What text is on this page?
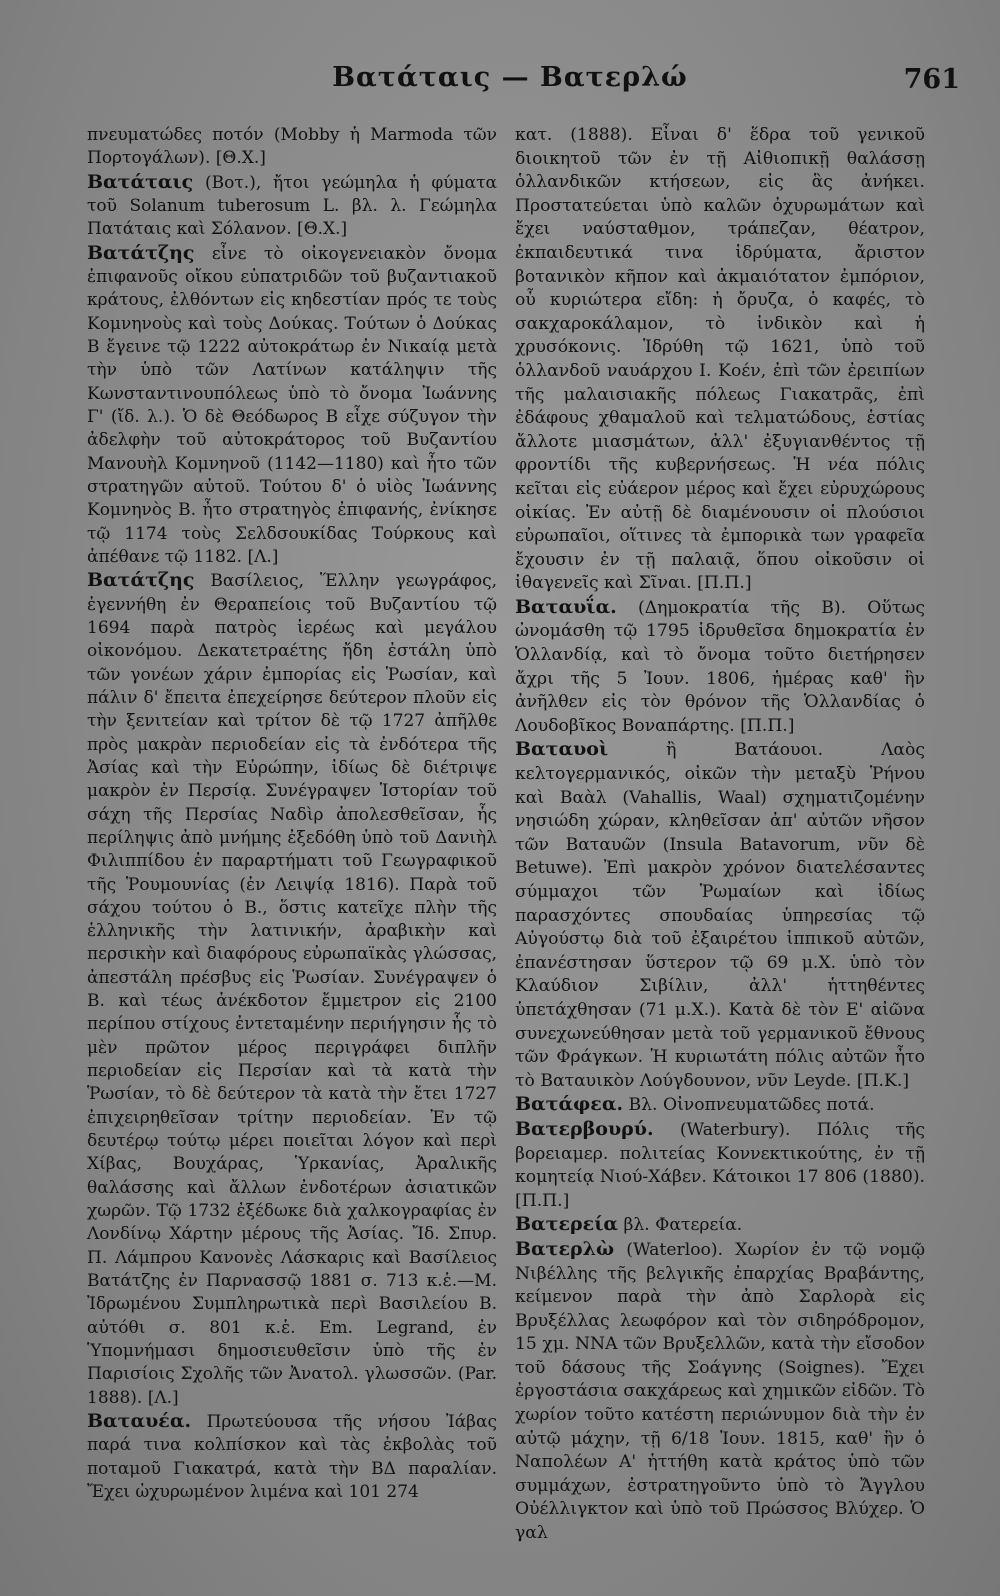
Βατάταις — Βατερλώ	761

πνευματώδες ποτόν (Mobby ἡ Marmoda τῶν Πορτογάλων). [Θ.Χ.]

Βατάταις (Βοτ.), ἤτοι γεώμηλα ἡ φύματα τοῦ Solanum tuberosum L. βλ. λ. Γεώμηλα Πατάταις καὶ Σόλανον. [Θ.Χ.]

Βατάτζης εἶνε τὸ οἰκογενειακὸν ὄνομα ἐπιφανοῦς οἴκου εὐπατριδῶν τοῦ βυζαντιακοῦ κράτους, ἐλθόντων εἰς κηδεστίαν πρός τε τοὺς Κομνηνοὺς καὶ τοὺς Δούκας. Τούτων ὁ Δούκας Β ἔγεινε τῷ 1222 αὐτοκράτωρ ἐν Νικαίᾳ μετὰ τὴν ὑπὸ τῶν Λατίνων κατάληψιν τῆς Κωνσταντινουπόλεως ὑπὸ τὸ ὄνομα Ἰωάννης Γ' (ἴδ. λ.). Ὁ δὲ Θεόδωρος Β εἶχε σύζυγον τὴν ἀδελφὴν τοῦ αὐτοκράτορος τοῦ Βυζαντίου Μανουὴλ Κομνηνοῦ (1142—1180) καὶ ἦτο τῶν στρατηγῶν αὐτοῦ. Τούτου δ' ὁ υἱὸς Ἰωάννης Κομνηνὸς Β. ἦτο στρατηγὸς ἐπιφανής, ἐνίκησε τῷ 1174 τοὺς Σελδσουκίδας Τούρκους καὶ ἀπέθανε τῷ 1182. [Λ.]

Βατάτζης Βασίλειος, Ἕλλην γεωγράφος, ἐγεννήθη ἐν Θεραπείοις τοῦ Βυζαντίου τῷ 1694 παρὰ πατρὸς ἱερέως καὶ μεγάλου οἰκονόμου. Δεκατετραέτης ἤδη ἐστάλη ὑπὸ τῶν γονέων χάριν ἐμπορίας εἰς Ῥωσίαν, καὶ πάλιν δ' ἔπειτα ἐπεχείρησε δεύτερον πλοῦν εἰς τὴν ξενιτείαν καὶ τρίτον δὲ τῷ 1727 ἀπῆλθε πρὸς μακρὰν περιοδείαν εἰς τὰ ἐνδότερα τῆς Ἀσίας καὶ τὴν Εὐρώπην, ἰδίως δὲ διέτριψε μακρὸν ἐν Περσίᾳ. Συνέγραψεν Ἱστορίαν τοῦ σάχη τῆς Περσίας Ναδὶρ ἀπολεσθεῖσαν, ἧς περίληψις ἀπὸ μνήμης ἐξεδόθη ὑπὸ τοῦ Δανιὴλ Φιλιππίδου ἐν παραρτήματι τοῦ Γεωγραφικοῦ τῆς Ῥουμουνίας (ἐν Λειψίᾳ 1816). Παρὰ τοῦ σάχου τούτου ὁ Β., ὅστις κατεῖχε πλὴν τῆς ἑλληνικῆς τὴν λατινικήν, ἀραβικὴν καὶ περσικὴν καὶ διαφόρους εὐρωπαϊκὰς γλώσσας, ἀπεστάλη πρέσβυς εἰς Ῥωσίαν. Συνέγραψεν ὁ Β. καὶ τέως ἀνέκδοτον ἔμμετρον εἰς 2100 περίπου στίχους ἐντεταμένην περιήγησιν ἧς τὸ μὲν πρῶτον μέρος περιγράφει διπλῆν περιοδείαν εἰς Περσίαν καὶ τὰ κατὰ τὴν Ῥωσίαν, τὸ δὲ δεύτερον τὰ κατὰ τὴν ἔτει 1727 ἐπιχειρηθεῖσαν τρίτην περιοδείαν. Ἐν τῷ δευτέρῳ τούτῳ μέρει ποιεῖται λόγον καὶ περὶ Χίβας, Βουχάρας, Ὑρκανίας, Ἀραλικῆς θαλάσσης καὶ ἄλλων ἐνδοτέρων ἀσιατικῶν χωρῶν. Τῷ 1732 ἐξέδωκε διὰ χαλκογραφίας ἐν Λονδίνῳ Χάρτην μέρους τῆς Ἀσίας. Ἴδ. Σπυρ. Π. Λάμπρου Κανονὲς Λάσκαρις καὶ Βασίλειος Βατάτζης ἐν Παρνασσῷ 1881 σ. 713 κ.ἑ.—Μ. Ἰδρωμένου Συμπληρωτικὰ περὶ Βασιλείου Β. αὐτόθι σ. 801 κ.ἑ. Em. Legrand, ἐν Ὑπομνήμασι δημοσιευθεῖσιν ὑπὸ τῆς ἐν Παρισίοις Σχολῆς τῶν Ἀνατολ. γλωσσῶν. (Par. 1888). [Λ.]

Βαταυέα. Πρωτεύουσα τῆς νήσου Ἰάβας παρά τινα κολπίσκον καὶ τὰς ἐκβολὰς τοῦ ποταμοῦ Γιακατρά, κατὰ τὴν ΒΔ παραλίαν. Ἔχει ὠχυρωμένον λιμένα καὶ 101 274

κατ. (1888). Εἶναι δ' ἕδρα τοῦ γενικοῦ διοικητοῦ τῶν ἐν τῇ Αἰθιοπικῇ θαλάσσῃ ὁλλανδικῶν κτήσεων, εἰς ἃς ἀνήκει. Προστατεύεται ὑπὸ καλῶν ὀχυρωμάτων καὶ ἔχει ναύσταθμον, τράπεζαν, θέατρον, ἐκπαιδευτικά τινα ἱδρύματα, ἄριστον βοτανικὸν κῆπον καὶ ἀκμαιότατον ἐμπόριον, οὗ κυριώτερα εἴδη: ἡ ὄρυζα, ὁ καφές, τὸ σακχαροκάλαμον, τὸ ἰνδικὸν καὶ ἡ χρυσόκονις. Ἱδρύθη τῷ 1621, ὑπὸ τοῦ ὁλλανδοῦ ναυάρχου I. Κοέν, ἐπὶ τῶν ἐρειπίων τῆς μαλαισιακῆς πόλεως Γιακατρᾶς, ἐπὶ ἐδάφους χθαμαλοῦ καὶ τελματώδους, ἑστίας ἄλλοτε μιασμάτων, ἀλλ' ἐξυγιανθέντος τῇ φροντίδι τῆς κυβερνήσεως. Ἡ νέα πόλις κεῖται εἰς εὐάερον μέρος καὶ ἔχει εὐρυχώρους οἰκίας. Ἐν αὐτῇ δὲ διαμένουσιν οἱ πλούσιοι εὐρωπαῖοι, οἵτινες τὰ ἐμπορικὰ των γραφεῖα ἔχουσιν ἐν τῇ παλαιᾷ, ὅπου οἰκοῦσιν οἱ ἰθαγενεῖς καὶ Σῖναι. [Π.Π.]

Βαταυΐα. (Δημοκρατία τῆς Β). Οὕτως ὠνομάσθη τῷ 1795 ἱδρυθεῖσα δημοκρατία ἐν Ὁλλανδίᾳ, καὶ τὸ ὄνομα τοῦτο διετήρησεν ἄχρι τῆς 5 Ἰουν. 1806, ἡμέρας καθ' ἣν ἀνῆλθεν εἰς τὸν θρόνον τῆς Ὁλλανδίας ὁ Λουδοβῖκος Βοναπάρτης. [Π.Π.]

Βαταυοὶ ἢ Βατάουοι. Λαὸς κελτογερμανικός, οἰκῶν τὴν μεταξὺ Ῥήνου καὶ Βαὰλ (Vahallis, Waal) σχηματιζομένην νησιώδη χώραν, κληθεῖσαν ἀπ' αὐτῶν νῆσον τῶν Βαταυῶν (Insula Batavorum, νῦν δὲ Betuwe). Ἐπὶ μακρὸν χρόνον διατελέσαντες σύμμαχοι τῶν Ῥωμαίων καὶ ἰδίως παρασχόντες σπουδαίας ὑπηρεσίας τῷ Αὐγούστῳ διὰ τοῦ ἐξαιρέτου ἱππικοῦ αὐτῶν, ἐπανέστησαν ὕστερον τῷ 69 μ.Χ. ὑπὸ τὸν Κλαύδιον Σιβίλιν, ἀλλ' ἡττηθέντες ὑπετάχθησαν (71 μ.Χ.). Κατὰ δὲ τὸν Ε' αἰῶνα συνεχωνεύθησαν μετὰ τοῦ γερμανικοῦ ἔθνους τῶν Φράγκων. Ἡ κυριωτάτη πόλις αὐτῶν ἦτο τὸ Βαταυικὸν Λούγδουνον, νῦν Leyde. [Π.Κ.]

Βατάφεα. Βλ. Οἰνοπνευματῶδες ποτά.

Βατερβουρύ. (Waterbury). Πόλις τῆς βορειαμερ. πολιτείας Κοννεκτικούτης, ἐν τῇ κομητείᾳ Νιού-Χάβεν. Κάτοικοι 17 806 (1880). [Π.Π.]

Βατερεία βλ. Φατερεία.

Βατερλὼ (Waterloo). Χωρίον ἐν τῷ νομῷ Νιβέλλης τῆς βελγικῆς ἐπαρχίας Βραβάντης, κείμενον παρὰ τὴν ἀπὸ Σαρλορὰ εἰς Βρυξέλλας λεωφόρον καὶ τὸν σιδηρόδρομον, 15 χμ. ΝΝΑ τῶν Βρυξελλῶν, κατὰ τὴν εἴσοδον τοῦ δάσους τῆς Σοάγνης (Soignes). Ἔχει ἐργοστάσια σακχάρεως καὶ χημικῶν εἰδῶν. Τὸ χωρίον τοῦτο κατέστη περιώνυμον διὰ τὴν ἐν αὐτῷ μάχην, τῇ 6/18 Ἰουν. 1815, καθ' ἣν ὁ Ναπολέων Α' ἡττήθη κατὰ κράτος ὑπὸ τῶν συμμάχων, ἐστρατηγοῦντο ὑπὸ τὸ Ἄγγλου Οὐέλλιγκτον καὶ ὑπὸ τοῦ Πρώσσος Βλύχερ. Ὁ γαλ
